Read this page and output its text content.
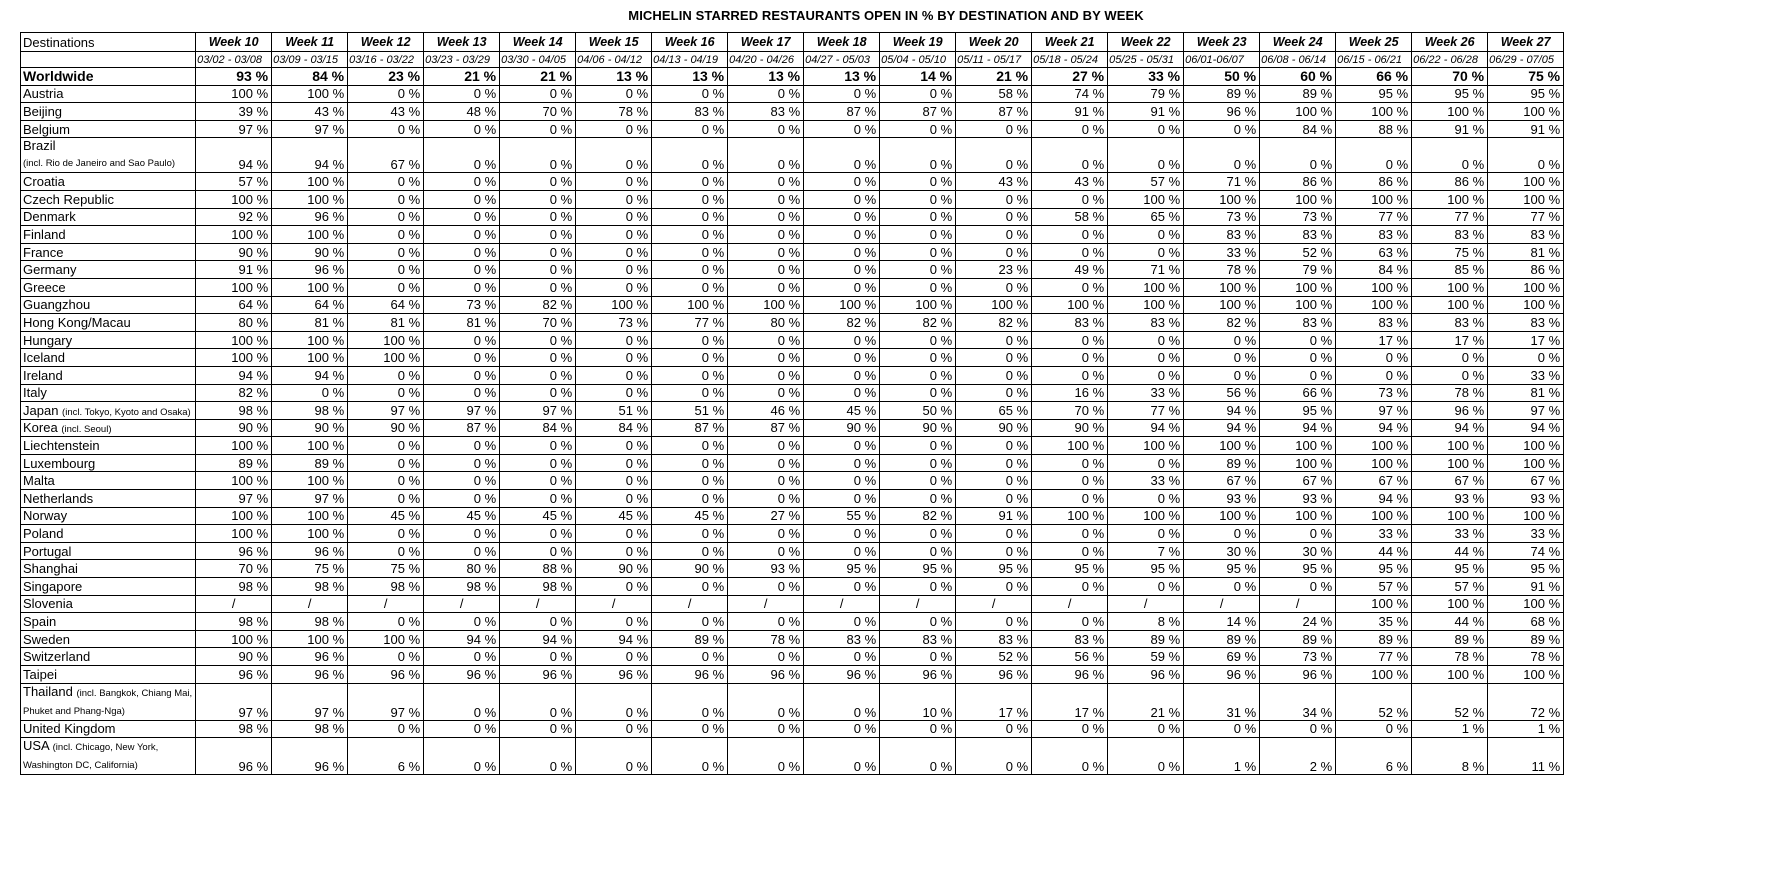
MICHELIN STARRED RESTAURANTS OPEN IN % BY DESTINATION AND BY WEEK
Destinations	Week 10	Week 11	Week 12	Week 13	Week 14	Week 15	Week 16	Week 17	Week 18	Week 19	Week 20	Week 21	Week 22	Week 23	Week 24	Week 25	Week 26	Week 27
	03/02 - 03/08	03/09 - 03/15	03/16 - 03/22	03/23 - 03/29	03/30 - 04/05	04/06 - 04/12	04/13 - 04/19	04/20 - 04/26	04/27 - 05/03	05/04 - 05/10	05/11 - 05/17	05/18 - 05/24	05/25 - 05/31	06/01-06/07	06/08 - 06/14	06/15 - 06/21	06/22 - 06/28	06/29 - 07/05
Worldwide	93 %	84 %	23 %	21 %	21 %	13 %	13 %	13 %	13 %	14 %	21 %	27 %	33 %	50 %	60 %	66 %	70 %	75 %
Austria	100 %	100 %	0 %	0 %	0 %	0 %	0 %	0 %	0 %	0 %	58 %	74 %	79 %	89 %	89 %	95 %	95 %	95 %
Beijing	39 %	43 %	43 %	48 %	70 %	78 %	83 %	83 %	87 %	87 %	87 %	91 %	91 %	96 %	100 %	100 %	100 %	100 %
Belgium	97 %	97 %	0 %	0 %	0 %	0 %	0 %	0 %	0 %	0 %	0 %	0 %	0 %	0 %	84 %	88 %	91 %	91 %
Brazil
(incl. Rio de Janeiro and Sao Paulo)	94 %	94 %	67 %	0 %	0 %	0 %	0 %	0 %	0 %	0 %	0 %	0 %	0 %	0 %	0 %	0 %	0 %	0 %
Croatia	57 %	100 %	0 %	0 %	0 %	0 %	0 %	0 %	0 %	0 %	43 %	43 %	57 %	71 %	86 %	86 %	86 %	100 %
Czech Republic	100 %	100 %	0 %	0 %	0 %	0 %	0 %	0 %	0 %	0 %	0 %	0 %	100 %	100 %	100 %	100 %	100 %	100 %
Denmark	92 %	96 %	0 %	0 %	0 %	0 %	0 %	0 %	0 %	0 %	0 %	58 %	65 %	73 %	73 %	77 %	77 %	77 %
Finland	100 %	100 %	0 %	0 %	0 %	0 %	0 %	0 %	0 %	0 %	0 %	0 %	0 %	83 %	83 %	83 %	83 %	83 %
France	90 %	90 %	0 %	0 %	0 %	0 %	0 %	0 %	0 %	0 %	0 %	0 %	0 %	33 %	52 %	63 %	75 %	81 %
Germany	91 %	96 %	0 %	0 %	0 %	0 %	0 %	0 %	0 %	0 %	23 %	49 %	71 %	78 %	79 %	84 %	85 %	86 %
Greece	100 %	100 %	0 %	0 %	0 %	0 %	0 %	0 %	0 %	0 %	0 %	0 %	100 %	100 %	100 %	100 %	100 %	100 %
Guangzhou	64 %	64 %	64 %	73 %	82 %	100 %	100 %	100 %	100 %	100 %	100 %	100 %	100 %	100 %	100 %	100 %	100 %	100 %
Hong Kong/Macau	80 %	81 %	81 %	81 %	70 %	73 %	77 %	80 %	82 %	82 %	82 %	83 %	83 %	82 %	83 %	83 %	83 %	83 %
Hungary	100 %	100 %	100 %	0 %	0 %	0 %	0 %	0 %	0 %	0 %	0 %	0 %	0 %	0 %	0 %	17 %	17 %	17 %
Iceland	100 %	100 %	100 %	0 %	0 %	0 %	0 %	0 %	0 %	0 %	0 %	0 %	0 %	0 %	0 %	0 %	0 %	0 %
Ireland	94 %	94 %	0 %	0 %	0 %	0 %	0 %	0 %	0 %	0 %	0 %	0 %	0 %	0 %	0 %	0 %	0 %	33 %
Italy	82 %	0 %	0 %	0 %	0 %	0 %	0 %	0 %	0 %	0 %	0 %	16 %	33 %	56 %	66 %	73 %	78 %	81 %
Japan (incl. Tokyo, Kyoto and Osaka)	98 %	98 %	97 %	97 %	97 %	51 %	51 %	46 %	45 %	50 %	65 %	70 %	77 %	94 %	95 %	97 %	96 %	97 %
Korea (incl. Seoul)	90 %	90 %	90 %	87 %	84 %	84 %	87 %	87 %	90 %	90 %	90 %	90 %	94 %	94 %	94 %	94 %	94 %	94 %
Liechtenstein	100 %	100 %	0 %	0 %	0 %	0 %	0 %	0 %	0 %	0 %	0 %	100 %	100 %	100 %	100 %	100 %	100 %	100 %
Luxembourg	89 %	89 %	0 %	0 %	0 %	0 %	0 %	0 %	0 %	0 %	0 %	0 %	0 %	89 %	100 %	100 %	100 %	100 %
Malta	100 %	100 %	0 %	0 %	0 %	0 %	0 %	0 %	0 %	0 %	0 %	0 %	33 %	67 %	67 %	67 %	67 %	67 %
Netherlands	97 %	97 %	0 %	0 %	0 %	0 %	0 %	0 %	0 %	0 %	0 %	0 %	0 %	93 %	93 %	94 %	93 %	93 %
Norway	100 %	100 %	45 %	45 %	45 %	45 %	45 %	27 %	55 %	82 %	91 %	100 %	100 %	100 %	100 %	100 %	100 %	100 %
Poland	100 %	100 %	0 %	0 %	0 %	0 %	0 %	0 %	0 %	0 %	0 %	0 %	0 %	0 %	0 %	33 %	33 %	33 %
Portugal	96 %	96 %	0 %	0 %	0 %	0 %	0 %	0 %	0 %	0 %	0 %	0 %	7 %	30 %	30 %	44 %	44 %	74 %
Shanghai	70 %	75 %	75 %	80 %	88 %	90 %	90 %	93 %	95 %	95 %	95 %	95 %	95 %	95 %	95 %	95 %	95 %	95 %
Singapore	98 %	98 %	98 %	98 %	98 %	0 %	0 %	0 %	0 %	0 %	0 %	0 %	0 %	0 %	0 %	57 %	57 %	91 %
Slovenia	/	/	/	/	/	/	/	/	/	/	/	/	/	/	/	100 %	100 %	100 %
Spain	98 %	98 %	0 %	0 %	0 %	0 %	0 %	0 %	0 %	0 %	0 %	0 %	8 %	14 %	24 %	35 %	44 %	68 %
Sweden	100 %	100 %	100 %	94 %	94 %	94 %	89 %	78 %	83 %	83 %	83 %	83 %	89 %	89 %	89 %	89 %	89 %	89 %
Switzerland	90 %	96 %	0 %	0 %	0 %	0 %	0 %	0 %	0 %	0 %	52 %	56 %	59 %	69 %	73 %	77 %	78 %	78 %
Taipei	96 %	96 %	96 %	96 %	96 %	96 %	96 %	96 %	96 %	96 %	96 %	96 %	96 %	96 %	96 %	100 %	100 %	100 %
Thailand (incl. Bangkok, Chiang Mai,
Phuket and Phang-Nga)	97 %	97 %	97 %	0 %	0 %	0 %	0 %	0 %	0 %	10 %	17 %	17 %	21 %	31 %	34 %	52 %	52 %	72 %
United Kingdom	98 %	98 %	0 %	0 %	0 %	0 %	0 %	0 %	0 %	0 %	0 %	0 %	0 %	0 %	0 %	0 %	1 %	1 %
USA (incl. Chicago, New York,
Washington DC, California)	96 %	96 %	6 %	0 %	0 %	0 %	0 %	0 %	0 %	0 %	0 %	0 %	0 %	1 %	2 %	6 %	8 %	11 %
